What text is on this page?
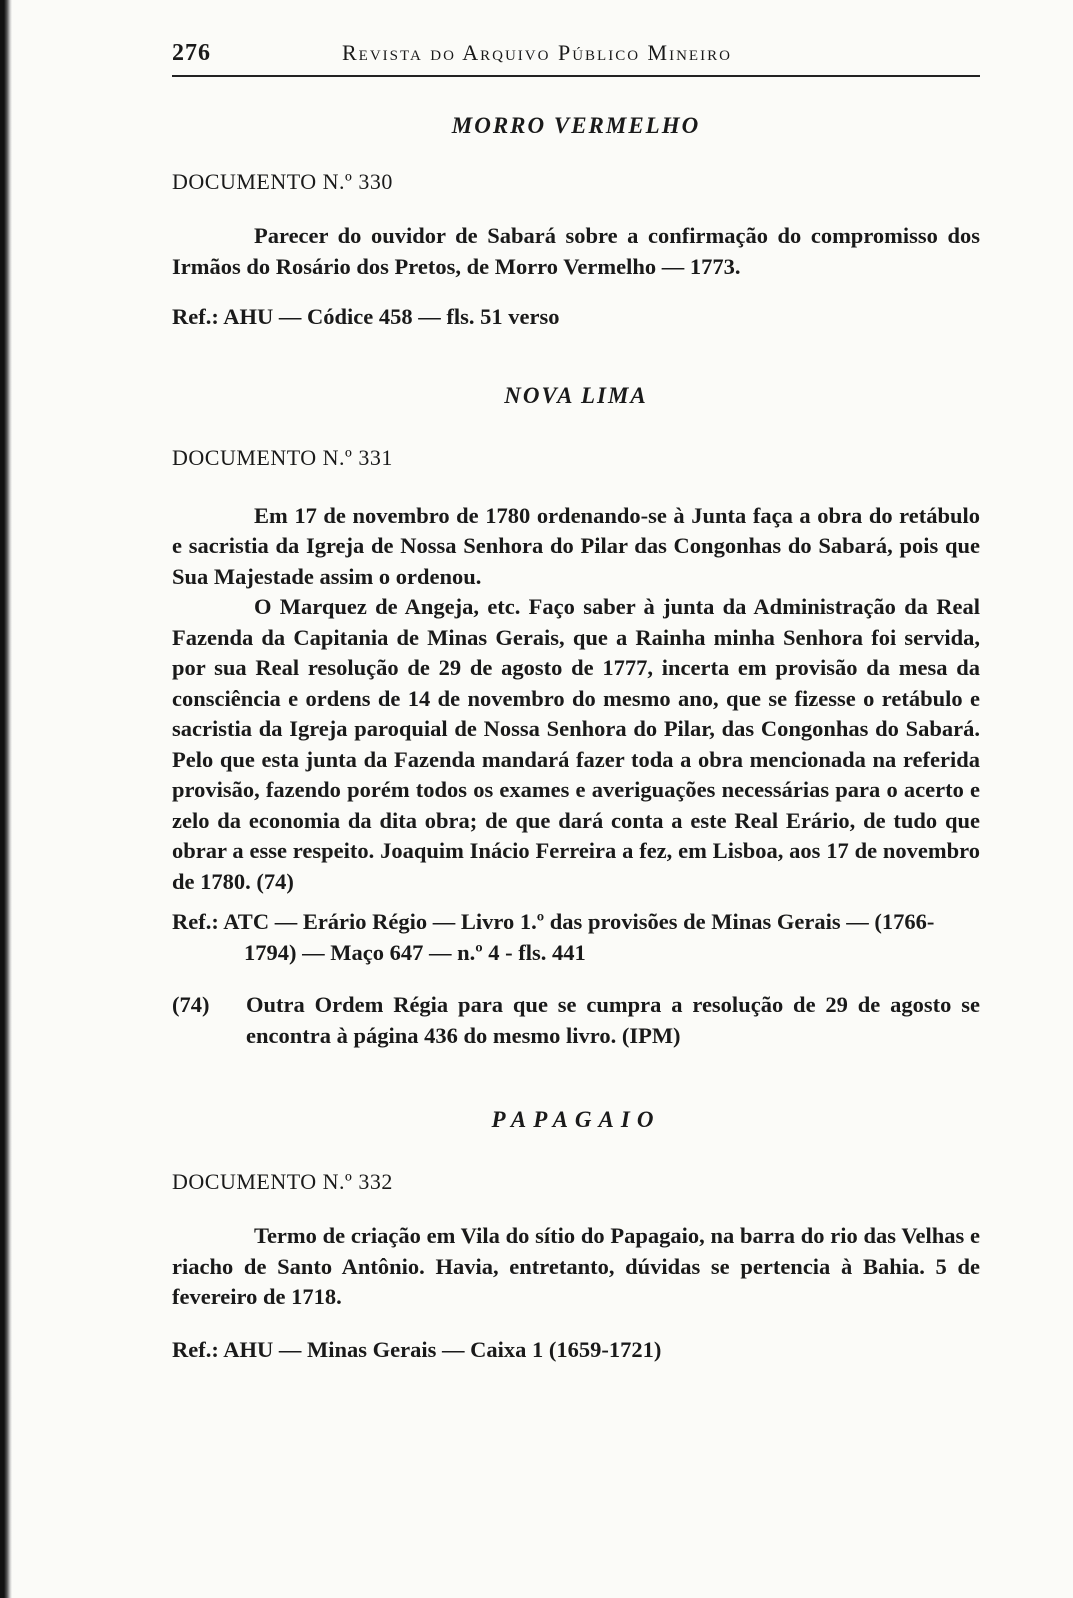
276	Revista do Arquivo Público Mineiro
MORRO VERMELHO

DOCUMENTO N.º 330

Parecer do ouvidor de Sabará sobre a confirmação do compromisso dos Irmãos do Rosário dos Pretos, de Morro Vermelho — 1773.

Ref.: AHU — Códice 458 — fls. 51 verso

NOVA LIMA

DOCUMENTO N.º 331

Em 17 de novembro de 1780 ordenando-se à Junta faça a obra do retábulo e sacristia da Igreja de Nossa Senhora do Pilar das Congonhas do Sabará, pois que Sua Majestade assim o ordenou.

O Marquez de Angeja, etc. Faço saber à junta da Administração da Real Fazenda da Capitania de Minas Gerais, que a Rainha minha Senhora foi servida, por sua Real resolução de 29 de agosto de 1777, incerta em provisão da mesa da consciência e ordens de 14 de novembro do mesmo ano, que se fizesse o retábulo e sacristia da Igreja paroquial de Nossa Senhora do Pilar, das Congonhas do Sabará. Pelo que esta junta da Fazenda mandará fazer toda a obra mencionada na referida provisão, fazendo porém todos os exames e averiguações necessárias para o acerto e zelo da economia da dita obra; de que dará conta a este Real Erário, de tudo que obrar a esse respeito. Joaquim Inácio Ferreira a fez, em Lisboa, aos 17 de novembro de 1780. (74)

Ref.: ATC — Erário Régio — Livro 1.º das provisões de Minas Gerais — (1766-1794) — Maço 647 — n.º 4 - fls. 441

(74)	Outra Ordem Régia para que se cumpra a resolução de 29 de agosto se encontra à página 436 do mesmo livro. (IPM)
PAPAGAIO

DOCUMENTO N.º 332

Termo de criação em Vila do sítio do Papagaio, na barra do rio das Velhas e riacho de Santo Antônio. Havia, entretanto, dúvidas se pertencia à Bahia. 5 de fevereiro de 1718.

Ref.: AHU — Minas Gerais — Caixa 1 (1659-1721)
